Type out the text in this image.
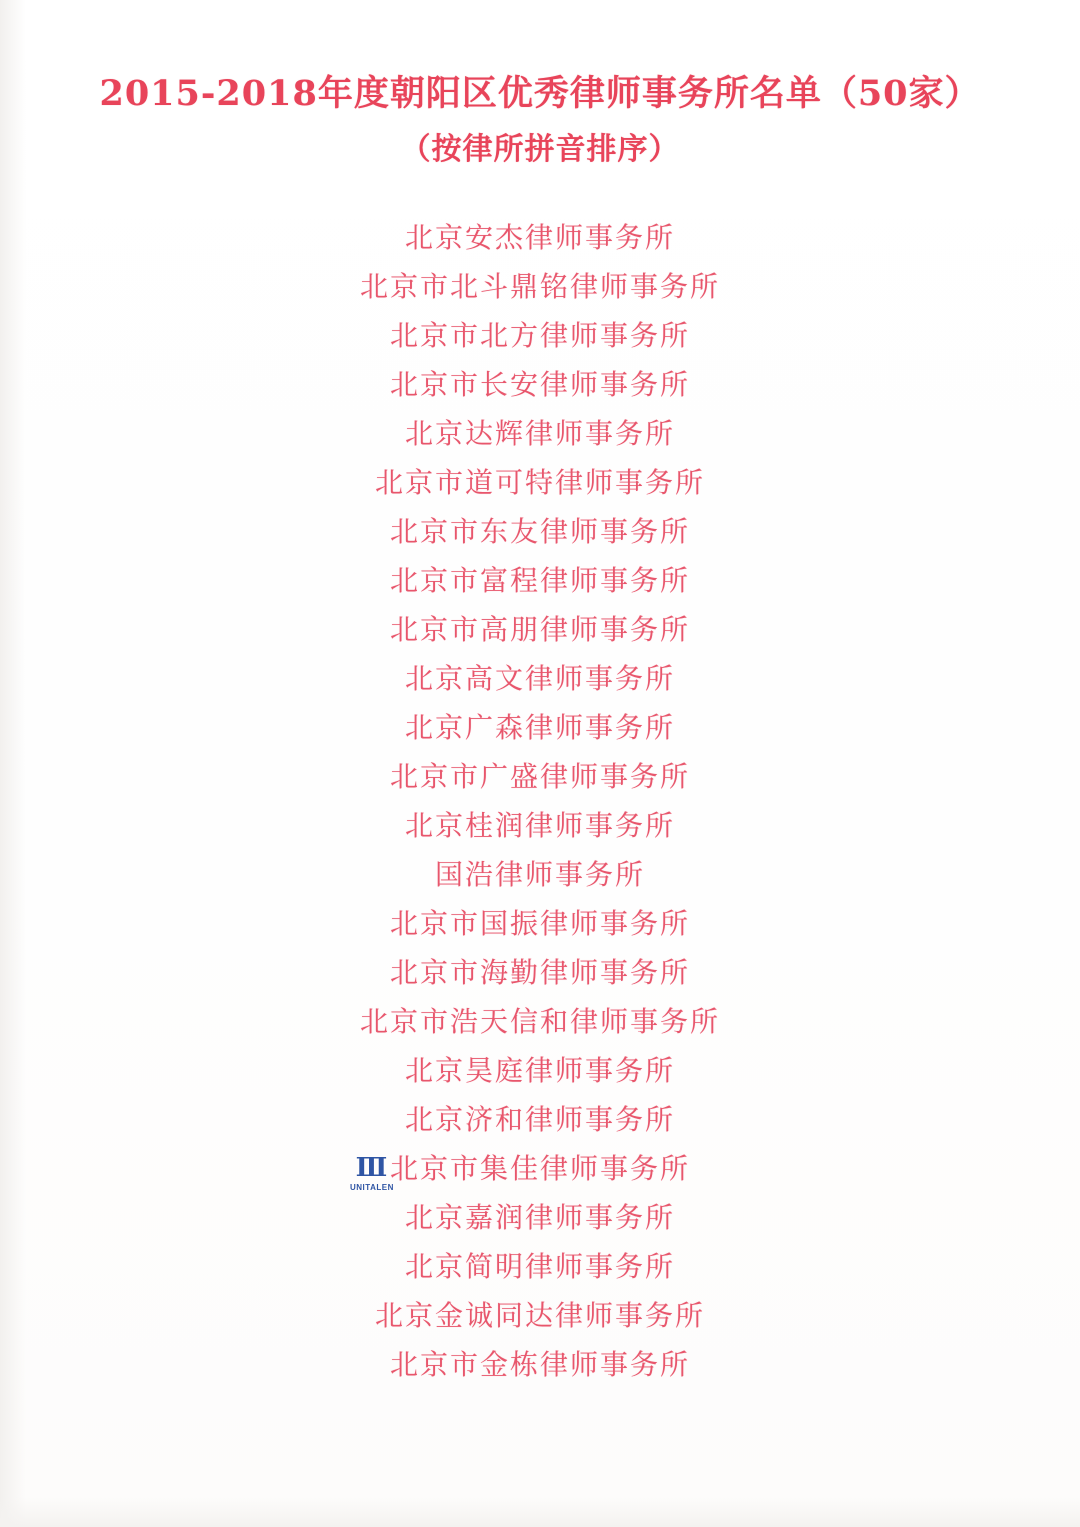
2015-2018年度朝阳区优秀律师事务所名单（50家）
（按律所拼音排序）
北京安杰律师事务所
北京市北斗鼎铭律师事务所
北京市北方律师事务所
北京市长安律师事务所
北京达辉律师事务所
北京市道可特律师事务所
北京市东友律师事务所
北京市富程律师事务所
北京市高朋律师事务所
北京高文律师事务所
北京广森律师事务所
北京市广盛律师事务所
北京桂润律师事务所
国浩律师事务所
北京市国振律师事务所
北京市海勤律师事务所
北京市浩天信和律师事务所
北京昊庭律师事务所
北京济和律师事务所
北京市集佳律师事务所
北京嘉润律师事务所
北京简明律师事务所
北京金诚同达律师事务所
北京市金栋律师事务所
Ⅲ
UNITALEN
